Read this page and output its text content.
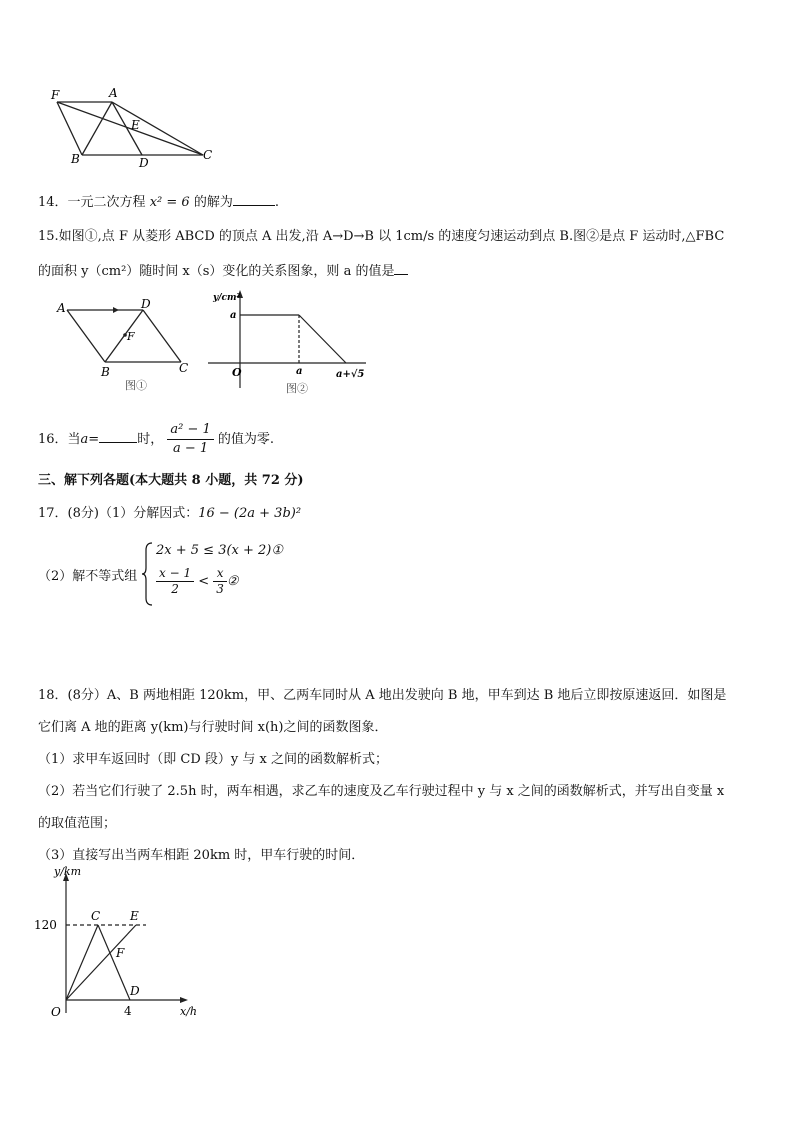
F	A
E
B	D
C
14．一元二次方程 x² = 6 的解为	.
15.如图①,点 F 从菱形 ABCD 的顶点 A 出发,沿 A→D→B 以 1cm/s 的速度匀速运动到点 B.图②是点 F 运动时,△FBC
的面积 y（cm²）随时间 x（s）变化的关系图象，则 a 的值是
A	D
F
B	C
图①
y/cm²
a
O	a	a+√5
图②
16．当a=	时， $\frac{\text{a² − 1}}{a - 1}$ 的值为零.
三、解下列各题(本大题共 8 小题，共 72 分)
17．(8分)（1）分解因式：16 − (2a + 3b)²
（2）解不等式组
2x + 5 ≤ 3(x + 2)①
$\frac{x - 1}{2} < \frac{x}{3}$ ②
18．(8分）A、B 两地相距 120km，甲、乙两车同时从 A 地出发驶向 B 地，甲车到达 B 地后立即按原速返回．如图是
它们离 A 地的距离 y(km)与行驶时间 x(h)之间的函数图象．
（1）求甲车返回时（即 CD 段）y 与 x 之间的函数解析式；
（2）若当它们行驶了 2.5h 时，两车相遇，求乙车的速度及乙车行驶过程中 y 与 x 之间的函数解析式，并写出自变量 x
的取值范围；
（3）直接写出当两车相距 20km 时，甲车行驶的时间．
y/km
120
C E
F
D
O	4	x/h
